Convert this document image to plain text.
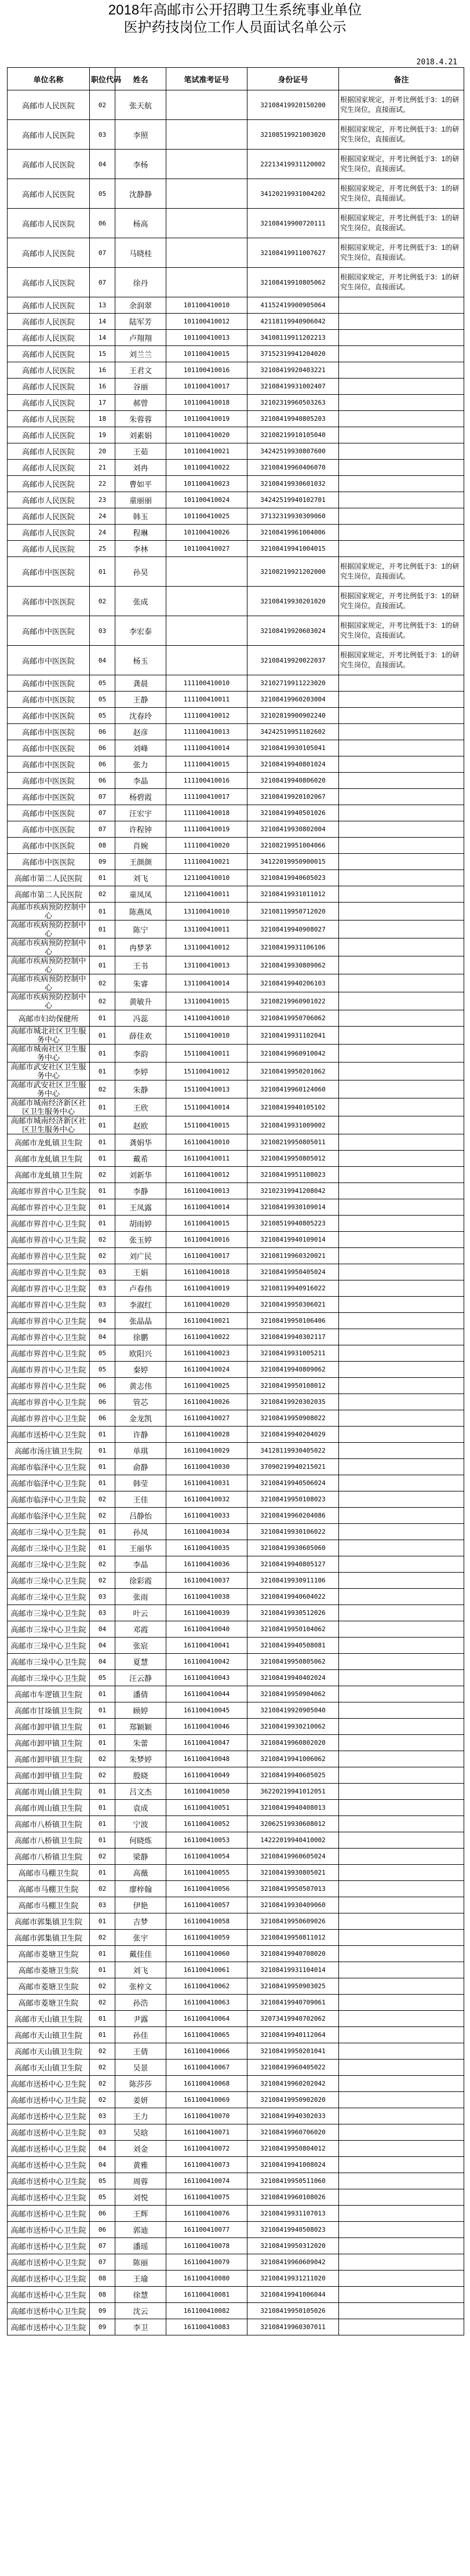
2018年高邮市公开招聘卫生系统事业单位
医护药技岗位工作人员面试名单公示
2018.4.21
单位名称	职位代码	姓名	笔试准考证号	身份证号	备注
高邮市人民医院	02	张天航		32108419920150200	根据国家规定，开考比例低于3：1的研究生岗位，直接面试。
高邮市人民医院	03	李照		32108519921003020	根据国家规定，开考比例低于3：1的研究生岗位，直接面试。
高邮市人民医院	04	李杨		22213419931120002	根据国家规定，开考比例低于3：1的研究生岗位，直接面试。
高邮市人民医院	05	沈静静		34120219931004202	根据国家规定，开考比例低于3：1的研究生岗位，直接面试。
高邮市人民医院	06	杨高		32108419900720111	根据国家规定，开考比例低于3：1的研究生岗位，直接面试。
高邮市人民医院	07	马晓桂		32108419911007627	根据国家规定，开考比例低于3：1的研究生岗位，直接面试。
高邮市人民医院	07	徐丹		32108419910805062	根据国家规定，开考比例低于3：1的研究生岗位，直接面试。
高邮市人民医院	13	余润翠	101100410010	41152419900905064	
高邮市人民医院	14	陆军芳	101100410012	42118119940906042	
高邮市人民医院	14	卢翔翔	101100410013	34108119911202213	
高邮市人民医院	15	刘兰兰	101100410015	37152319941204020	
高邮市人民医院	16	王君文	101100410016	32108419920403221	
高邮市人民医院	16	谷丽	101100410017	32108419931002407	
高邮市人民医院	17	郝曾	101100410018	32102319960503263	
高邮市人民医院	18	朱蓉蓉	101100410019	32108419940805203	
高邮市人民医院	19	刘素娟	101100410020	32108219910105040	
高邮市人民医院	20	王茹	101100410021	34242519930807600	
高邮市人民医院	21	刘冉	101100410022	32108419960406070	
高邮市人民医院	22	曹如平	101100410023	32108419930601032	
高邮市人民医院	23	童丽丽	101100410024	34242519940102701	
高邮市人民医院	24	韩玉	101100410025	37132319930309060	
高邮市人民医院	24	程琳	101100410026	32108419961004006	
高邮市人民医院	25	李林	101100410027	32108419941004015	
高邮市中医医院	01	孙昊		32108219921202000	根据国家规定，开考比例低于3：1的研究生岗位，直接面试。
高邮市中医医院	02	张成		32108419930201020	根据国家规定，开考比例低于3：1的研究生岗位，直接面试。
高邮市中医医院	03	李宏泰		32108419920603024	根据国家规定，开考比例低于3：1的研究生岗位，直接面试。
高邮市中医医院	04	杨玉		32108419920022037	根据国家规定，开考比例低于3：1的研究生岗位，直接面试。
高邮市中医医院	05	龚晨	111100410010	32102719911223020	
高邮市中医医院	05	王静	111100410011	32108419960203004	
高邮市中医医院	05	沈春玲	111100410012	32102819900902240	
高邮市中医医院	06	赵彦	111100410013	34242519951102602	
高邮市中医医院	06	刘峰	111100410014	32108419930105041	
高邮市中医医院	06	张力	111100410015	32108419940801024	
高邮市中医医院	06	李晶	111100410016	32108419940806020	
高邮市中医医院	07	杨碧霞	111100410017	32108419920102067	
高邮市中医医院	07	汪宏宇	111100410018	32108419940501026	
高邮市中医医院	07	许程钟	111100410019	32108419930802004	
高邮市中医医院	08	肖婉	111100410020	32108219951004066	
高邮市中医医院	09	王颜颜	111100410021	34122019950900015	
高邮市第二人民医院	01	刘飞	121100410010	32108419940605023	
高邮市第二人民医院	02	童凤凤	121100410011	32108419931011012	
高邮市疾病预防控制中心	01	陈燕凤	131100410010	32108119950712020	
高邮市疾病预防控制中心	01	陈宁	131100410011	32108419940908027	
高邮市疾病预防控制中心	01	冉梦茅	131100410012	32108419931106106	
高邮市疾病预防控制中心	01	王书	131100410013	32108419930809062	
高邮市疾病预防控制中心	02	朱睿	131100410014	32108419940206103	
高邮市疾病预防控制中心	02	黄敏升	131100410015	32108219960901022	
高邮市妇幼保健所	01	冯蕊	141100410010	32108419950706062	
高邮市城北社区卫生服务中心	01	薛佳欢	151100410010	32108419931102041	
高邮市城南社区卫生服务中心	01	李韵	151100410011	32108419960910042	
高邮市武安社区卫生服务中心	01	李婷	151100410012	32108419950201062	
高邮市武安社区卫生服务中心	02	朱静	151100410013	32108419960124060	
高邮市城南经济新区社区卫生服务中心	01	王欣	151100410014	32108419940105102	
高邮市城南经济新区社区卫生服务中心	01	赵欧	151100410015	32108419931009002	
高邮市龙虬镇卫生院	01	龚娟华	161100410010	32108219950805011	
高邮市龙虬镇卫生院	01	戴希	161100410011	32108419950805012	
高邮市龙虬镇卫生院	02	刘新华	161100410012	32108419951108023	
高邮市界首中心卫生院	01	李静	161100410013	32102319941208042	
高邮市界首中心卫生院	01	王凤露	161100410014	32108419930109014	
高邮市界首中心卫生院	01	胡雨婷	161100410015	32108519940805223	
高邮市界首中心卫生院	02	张玉婷	161100410016	32108419940109014	
高邮市界首中心卫生院	02	刘广民	161100410017	32108119960320021	
高邮市界首中心卫生院	03	王娟	161100410018	32108419950405024	
高邮市界首中心卫生院	03	卢春伟	161100410019	32108119940916022	
高邮市界首中心卫生院	03	李淑红	161100410020	32108419950306021	
高邮市界首中心卫生院	04	张晶晶	161100410021	32108419950106406	
高邮市界首中心卫生院	04	徐鹏	161100410022	32108419940302117	
高邮市界首中心卫生院	05	欧阳兴	161100410023	32108419931005211	
高邮市界首中心卫生院	05	秦婷	161100410024	32108419940809062	
高邮市界首中心卫生院	06	黄志伟	161100410025	32108419950108012	
高邮市界首中心卫生院	06	管芯	161100410026	32108419920302035	
高邮市界首中心卫生院	06	金龙凯	161100410027	32108419950908022	
高邮市送桥中心卫生院	01	许静	161100410028	32108419940204029	
高邮市汤庄镇卫生院	01	单琪	161100410029	34128119930405022	
高邮市临泽中心卫生院	01	俞静	161100410030	37090219940215021	
高邮市临泽中心卫生院	01	韩莹	161100410031	32108419940506024	
高邮市临泽中心卫生院	02	王佳	161100410032	32108419950108023	
高邮市临泽中心卫生院	02	吕静怡	161100410033	32108419960204086	
高邮市三垛中心卫生院	01	孙凤	161100410034	32108419930106022	
高邮市三垛中心卫生院	01	王丽华	161100410035	32108419930605060	
高邮市三垛中心卫生院	02	李晶	161100410036	32108419940805127	
高邮市三垛中心卫生院	02	徐彩霞	161100410037	32108419930911106	
高邮市三垛中心卫生院	03	张雨	161100410038	32108419940604022	
高邮市三垛中心卫生院	03	叶云	161100410039	32108419930512026	
高邮市三垛中心卫生院	04	邓霞	161100410040	32108419950104062	
高邮市三垛中心卫生院	04	张宸	161100410041	32108419940508081	
高邮市三垛中心卫生院	04	夏慧	161100410042	32108419950805062	
高邮市三垛中心卫生院	05	汪云静	161100410043	32108419940402024	
高邮市车逻镇卫生院	01	潘倩	161100410044	32108419950904062	
高邮市甘垛镇卫生院	01	顾婷	161100410045	32108419920905040	
高邮市卸甲镇卫生院	01	郑颖颖	161100410046	32108419930210062	
高邮市卸甲镇卫生院	01	朱蕾	161100410047	32108419960802020	
高邮市卸甲镇卫生院	02	朱梦婷	161100410048	32108419941006062	
高邮市卸甲镇卫生院	02	殷晓	161100410049	32108419940605025	
高邮市周山镇卫生院	01	吕文杰	161100410050	36220219941012051	
高邮市周山镇卫生院	01	袁成	161100410051	32108419940408013	
高邮市八桥镇卫生院	01	宁波	161100410052	32062519930608012	
高邮市八桥镇卫生院	01	何晓炼	161100410053	14222019940410002	
高邮市八桥镇卫生院	02	梁静	161100410054	32108419960605024	
高邮市马棚卫生院	01	高薇	161100410055	32108419930805021	
高邮市马棚卫生院	02	廖梓翰	161100410056	32108419950507013	
高邮市马棚卫生院	03	伊艳	161100410057	32108419930409060	
高邮市郭集镇卫生院	01	吉梦	161100410058	32108419950609026	
高邮市郭集镇卫生院	02	张宇	161100410059	32108419950811012	
高邮市菱塘卫生院	01	戴佳佳	161100410060	32108419940708020	
高邮市菱塘卫生院	01	刘飞	161100410061	32108419931104014	
高邮市菱塘卫生院	02	张梓文	161100410062	32108419950903025	
高邮市菱塘卫生院	02	孙浩	161100410063	32108419940709061	
高邮市天山镇卫生院	01	尹露	161100410064	32073419940702062	
高邮市天山镇卫生院	01	孙佳	161100410065	32108419940112064	
高邮市天山镇卫生院	02	王倩	161100410066	32108419950201041	
高邮市天山镇卫生院	02	吴景	161100410067	32108419960405022	
高邮市送桥中心卫生院	02	陈莎莎	161100410068	32108419960202042	
高邮市送桥中心卫生院	02	姜妍	161100410069	32108419950902020	
高邮市送桥中心卫生院	03	王力	161100410070	32108419940302033	
高邮市送桥中心卫生院	03	吴晗	161100410071	32108419960706020	
高邮市送桥中心卫生院	04	刘金	161100410072	32108419950804012	
高邮市送桥中心卫生院	04	黄雅	161100410073	32108419941008024	
高邮市送桥中心卫生院	05	周蓉	161100410074	32108419950511060	
高邮市送桥中心卫生院	05	刘悦	161100410075	32108419960108026	
高邮市送桥中心卫生院	06	王辉	161100410076	32108419931107013	
高邮市送桥中心卫生院	06	郭迪	161100410077	32108419940508023	
高邮市送桥中心卫生院	07	潘瑶	161100410078	32108419950312020	
高邮市送桥中心卫生院	07	陈丽	161100410079	32108419960609042	
高邮市送桥中心卫生院	08	王瑜	161100410080	32108419931211020	
高邮市送桥中心卫生院	08	徐慧	161100410081	32108419941006044	
高邮市送桥中心卫生院	09	沈云	161100410082	32108419950105026	
高邮市送桥中心卫生院	09	李卫	161100410083	32108419960307011	
